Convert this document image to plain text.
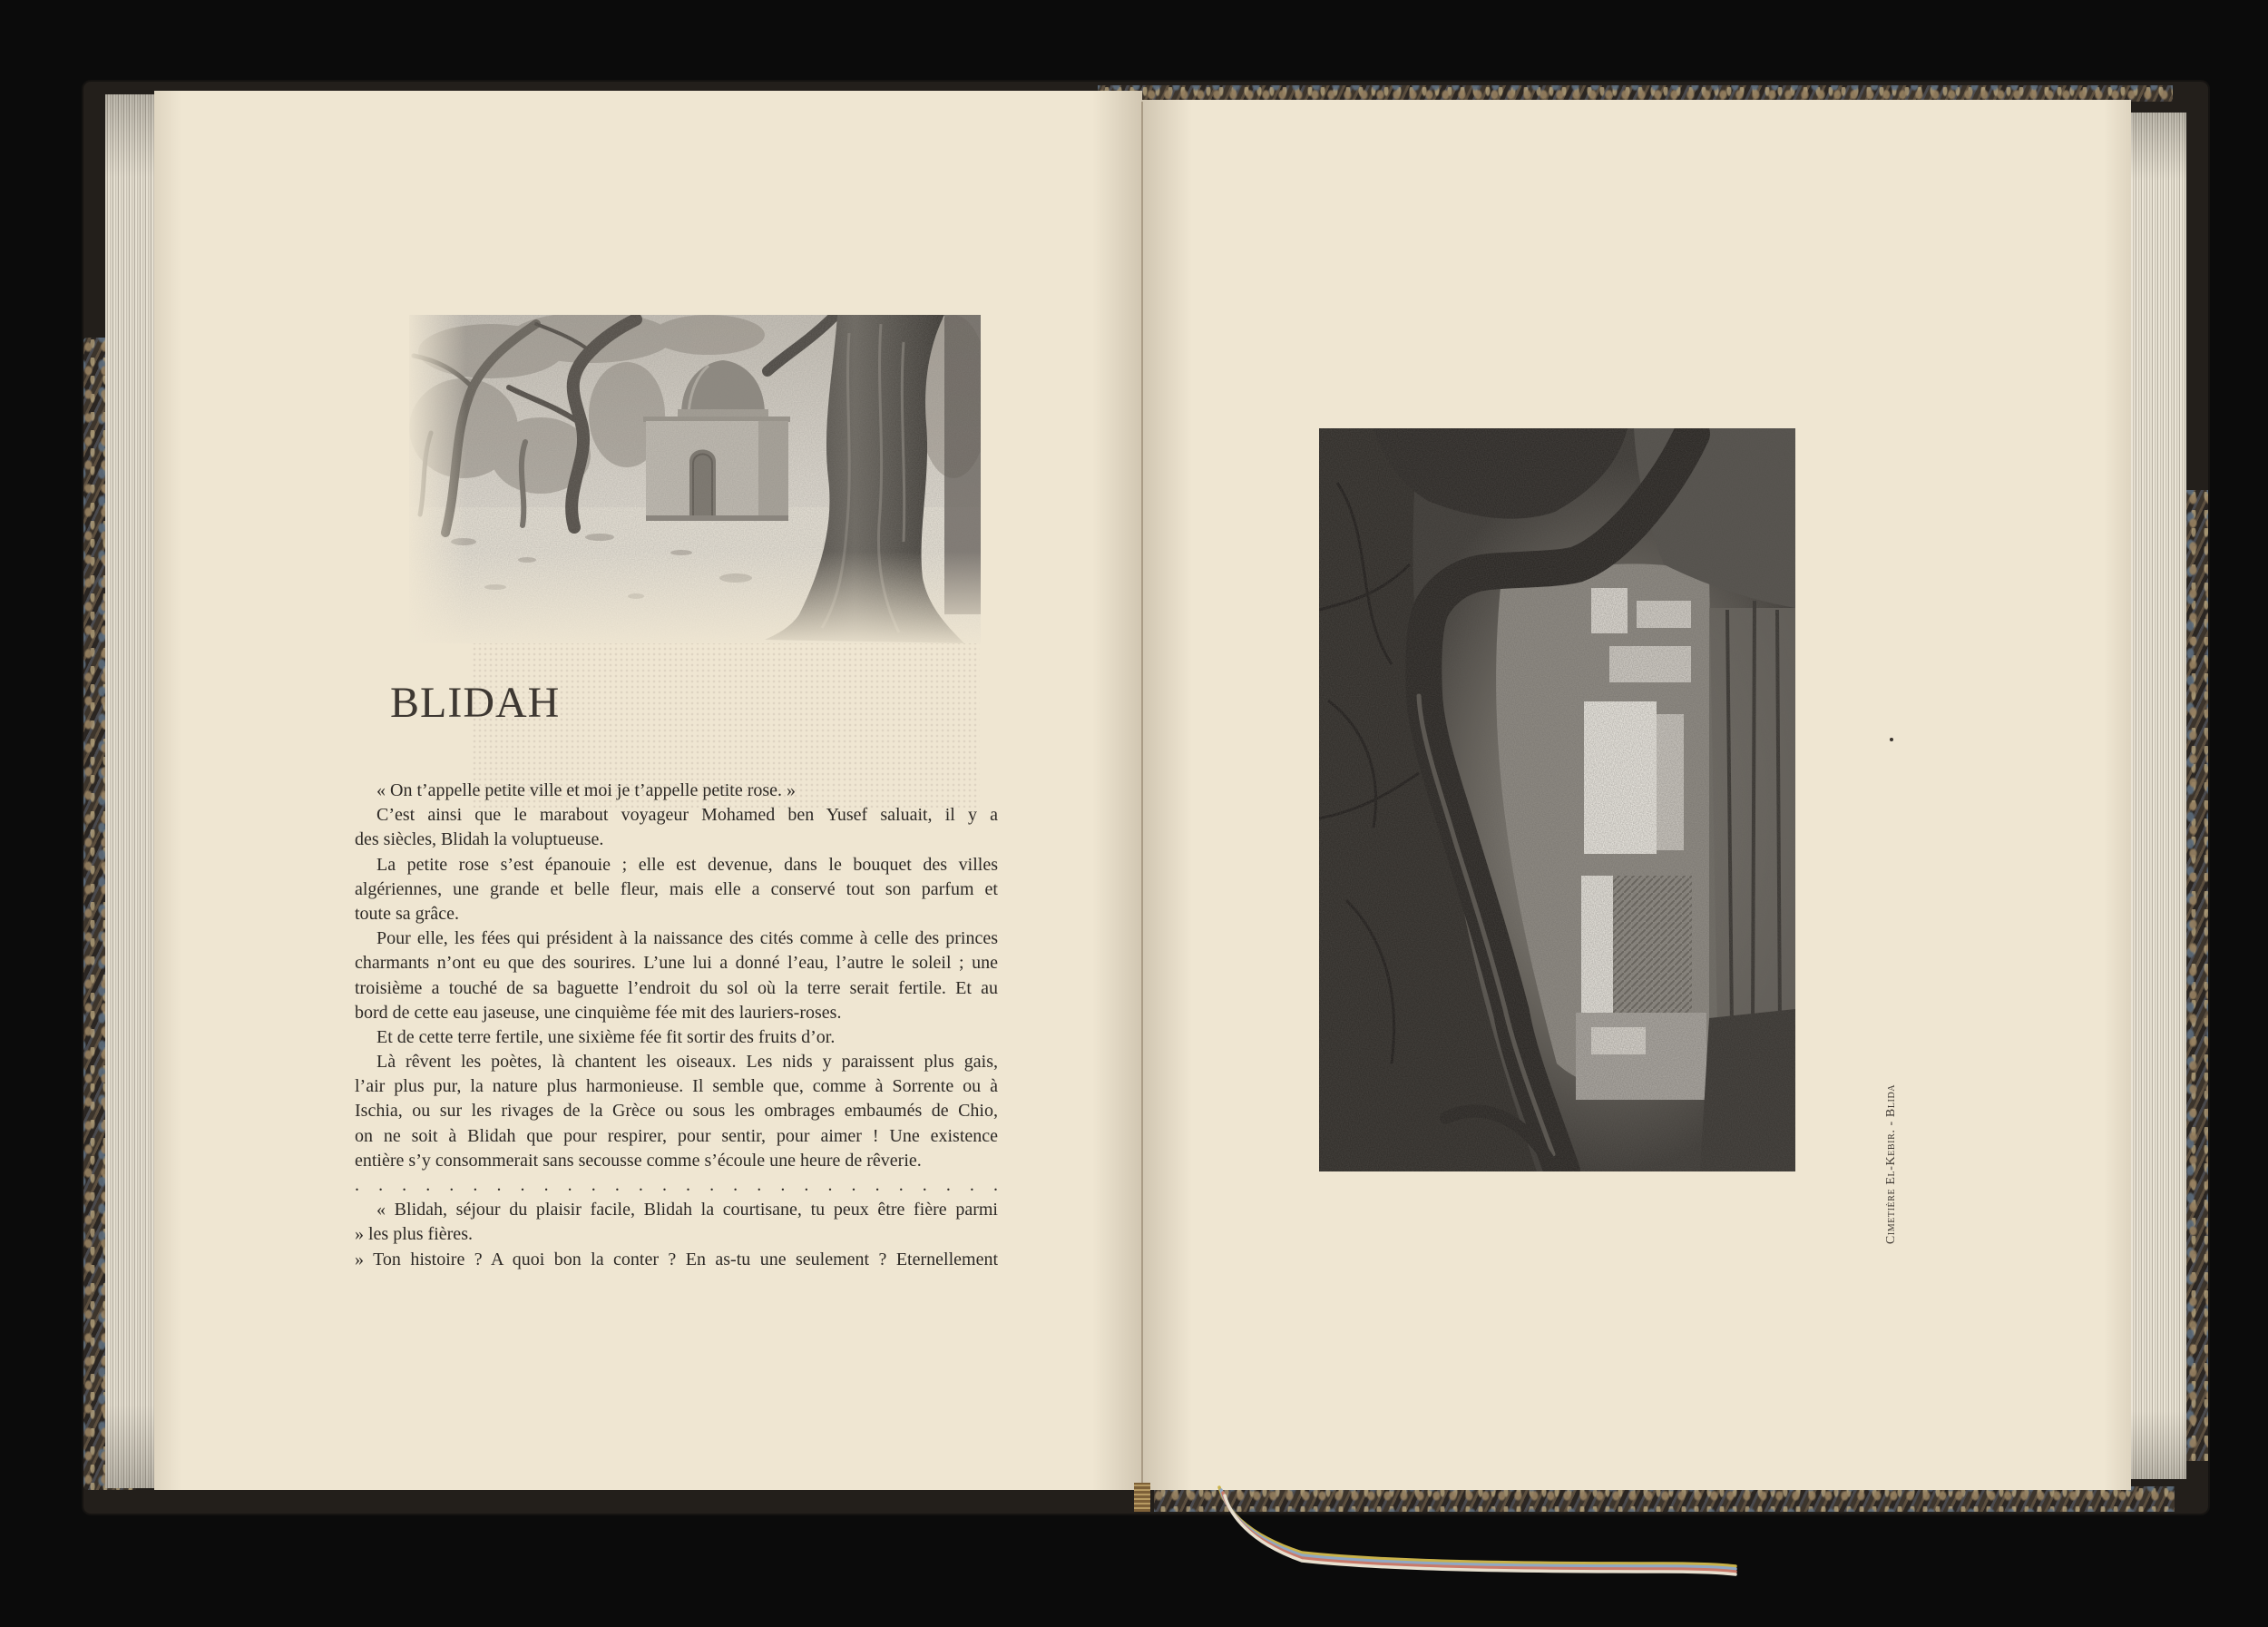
BLIDAH
« On t’appelle petite ville et moi je t’appelle petite rose. »
C’est ainsi que le marabout voyageur Mohamed ben Yusef saluait, il y a
des siècles, Blidah la voluptueuse.
La petite rose s’est épanouie ; elle est devenue, dans le bouquet des villes
algériennes, une grande et belle fleur, mais elle a conservé tout son parfum et
toute sa grâce.
Pour elle, les fées qui président à la naissance des cités comme à celle des princes
charmants n’ont eu que des sourires. L’une lui a donné l’eau, l’autre le soleil ; une
troisième a touché de sa baguette l’endroit du sol où la terre serait fertile. Et au
bord de cette eau jaseuse, une cinquième fée mit des lauriers-roses.
Et de cette terre fertile, une sixième fée fit sortir des fruits d’or.
Là rêvent les poètes, là chantent les oiseaux. Les nids y paraissent plus gais,
l’air plus pur, la nature plus harmonieuse. Il semble que, comme à Sorrente ou à
Ischia, ou sur les rivages de la Grèce ou sous les ombrages embaumés de Chio,
on ne soit à Blidah que pour respirer, pour sentir, pour aimer ! Une existence
entière s’y consommerait sans secousse comme s’écoule une heure de rêverie.
. . . . . . . . . . . . . . . . . . . . . . . . . . . .
« Blidah, séjour du plaisir facile, Blidah la courtisane, tu peux être fière parmi
» les plus fières.
» Ton histoire ? A quoi bon la conter ? En as-tu une seulement ? Eternellement
Cimetière El-Kebir. - Blida
